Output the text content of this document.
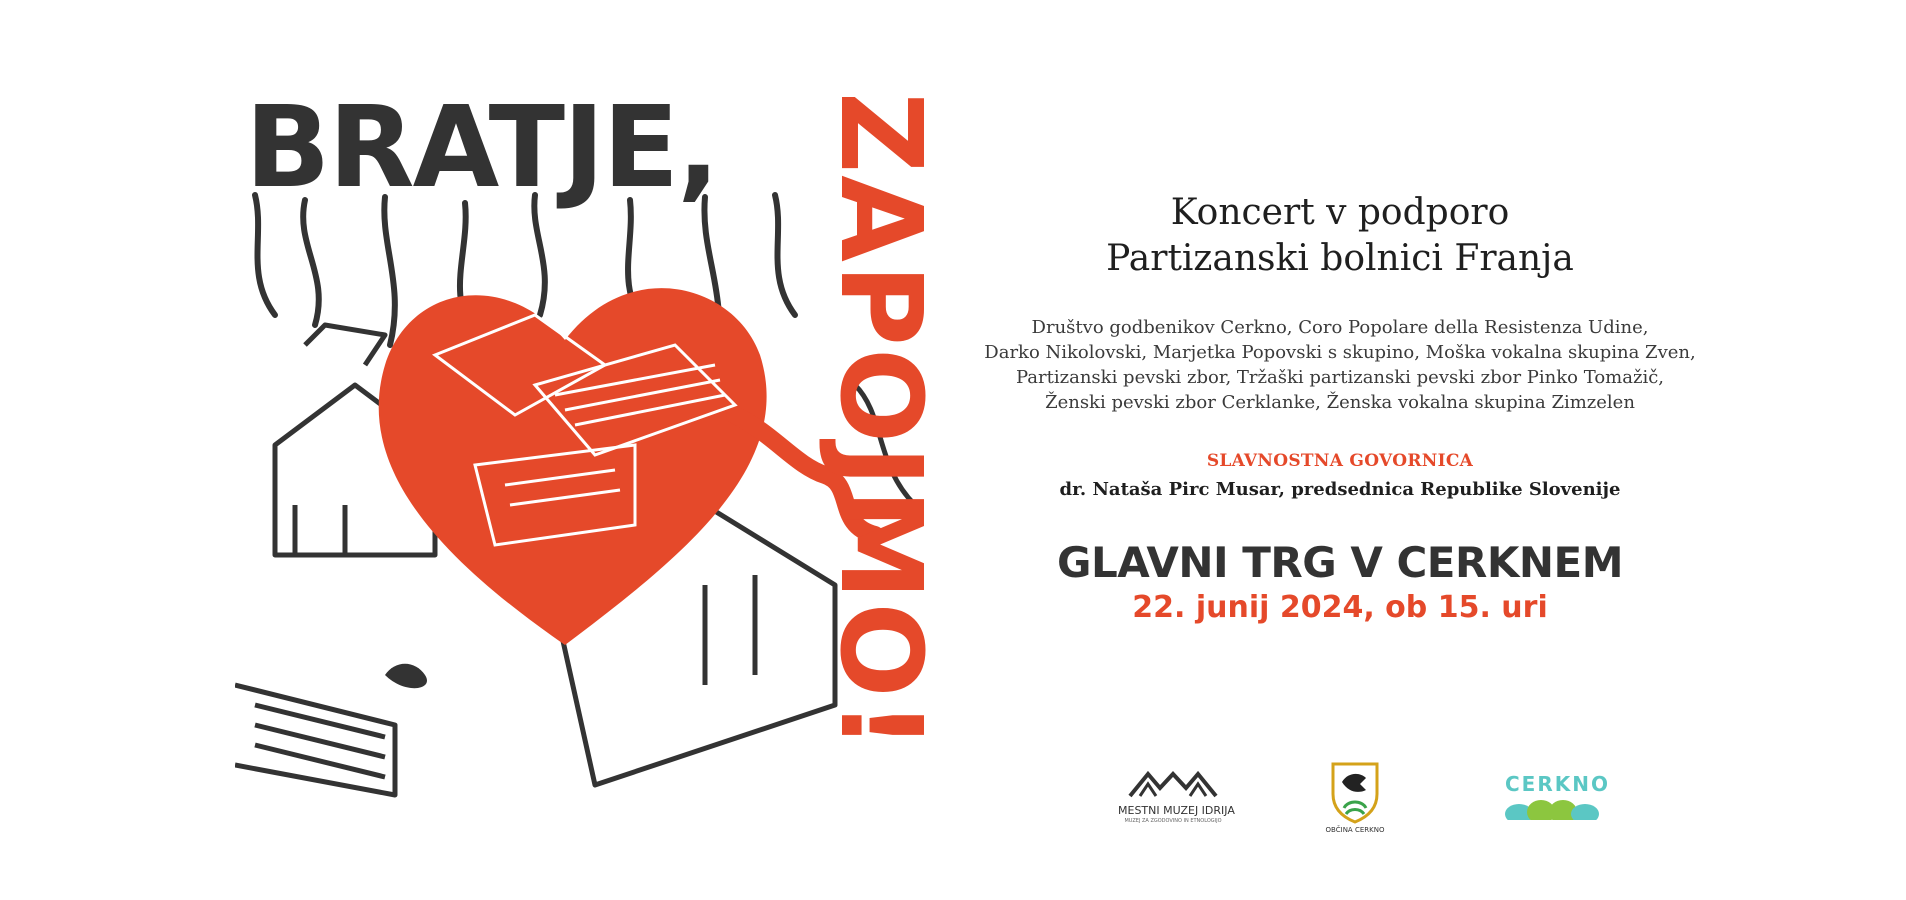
BRATJE, ZAPOJMO!	Koncert v podporo
Partizanski bolnici Franja
Društvo godbenikov Cerkno, Coro Popolare della Resistenza Udine,
Darko Nikolovski, Marjetka Popovski s skupino, Moška vokalna skupina Zven,
Partizanski pevski zbor, Tržaški partizanski pevski zbor Pinko Tomažič,
Ženski pevski zbor Cerklanke, Ženska vokalna skupina Zimzelen
SLAVNOSTNA GOVORNICA
dr. Nataša Pirc Musar, predsednica Republike Slovenije
GLAVNI TRG V CERKNEM
22. junij 2024, ob 15. uri
MESTNI MUZEJ IDRIJA
MUZEJ ZA ZGODOVINO IN ETNOLOGIJO
OBČINA CERKNO
CERKNO
